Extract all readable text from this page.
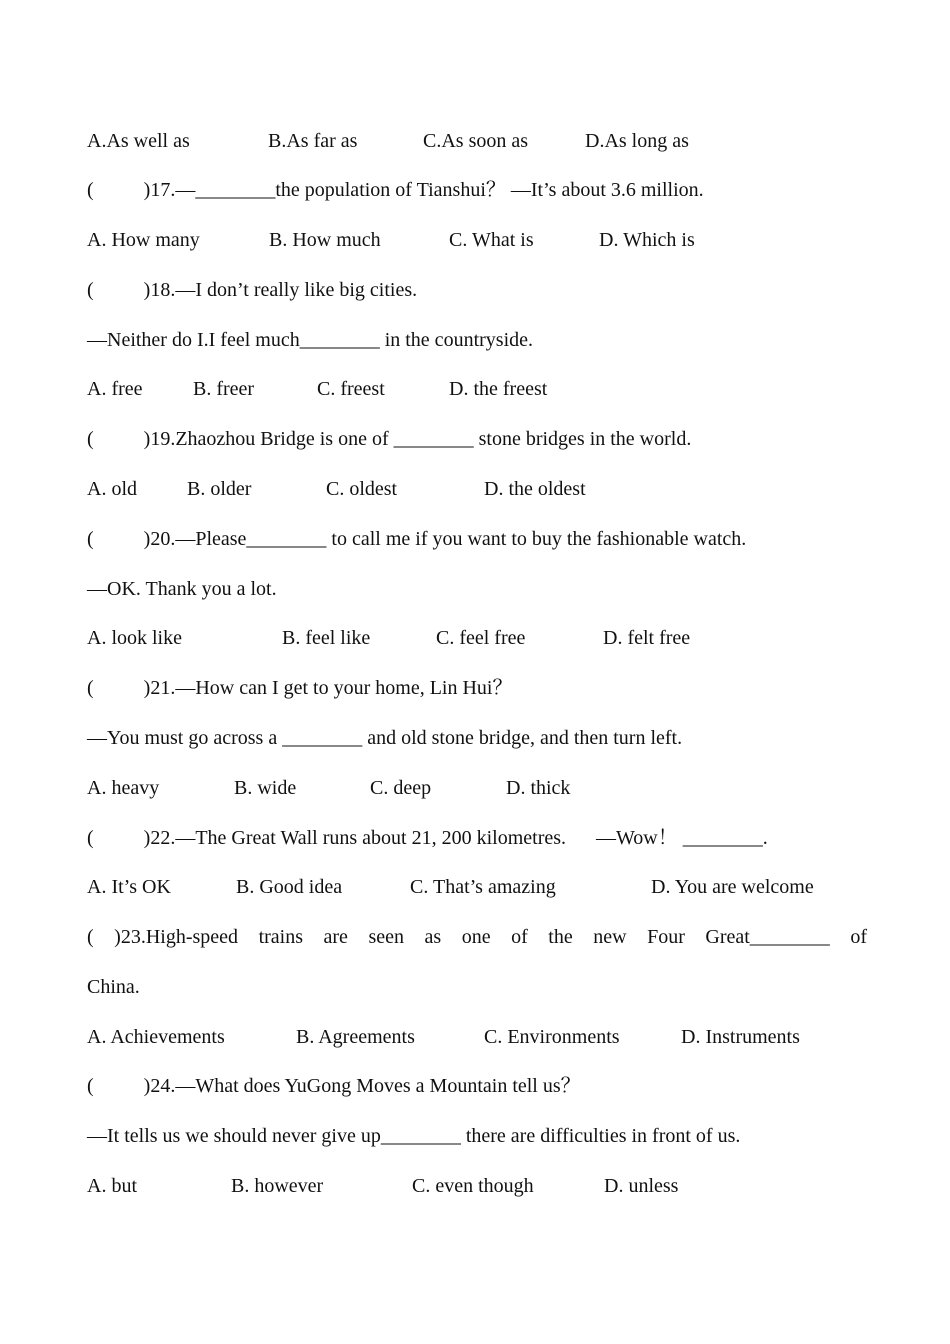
A.As well as	B.As far as	C.As soon as	D.As long as
(          )17.—________the population of Tianshui？ —It’s about 3.6 million.
A. How many	B. How much	C. What is	D. Which is
(          )18.—I don’t really like big cities.
—Neither do I.I feel much________ in the countryside.
A. free	B. freer	C. freest	D. the freest
(          )19.Zhaozhou Bridge is one of ________ stone bridges in the world.
A. old	B. older	C. oldest	D. the oldest
(          )20.—Please________ to call me if you want to buy the fashionable watch.
—OK. Thank you a lot.
A. look like	B. feel like	C. feel free	D. felt free
(          )21.—How can I get to your home, Lin Hui？
—You must go across a ________ and old stone bridge, and then turn left.
A. heavy	B. wide	C. deep	D. thick
(          )22.—The Great Wall runs about 21, 200 kilometres.      —Wow！ ________.
A. It’s OK	B. Good idea	C. That’s amazing	D. You are welcome
( )23.High-speed trains are seen as one of the new Four Great________ of
China.
A. Achievements	B. Agreements	C. Environments	D. Instruments
(          )24.—What does YuGong Moves a Mountain tell us？
—It tells us we should never give up________ there are difficulties in front of us.
A. but	B. however	C. even though	D. unless
